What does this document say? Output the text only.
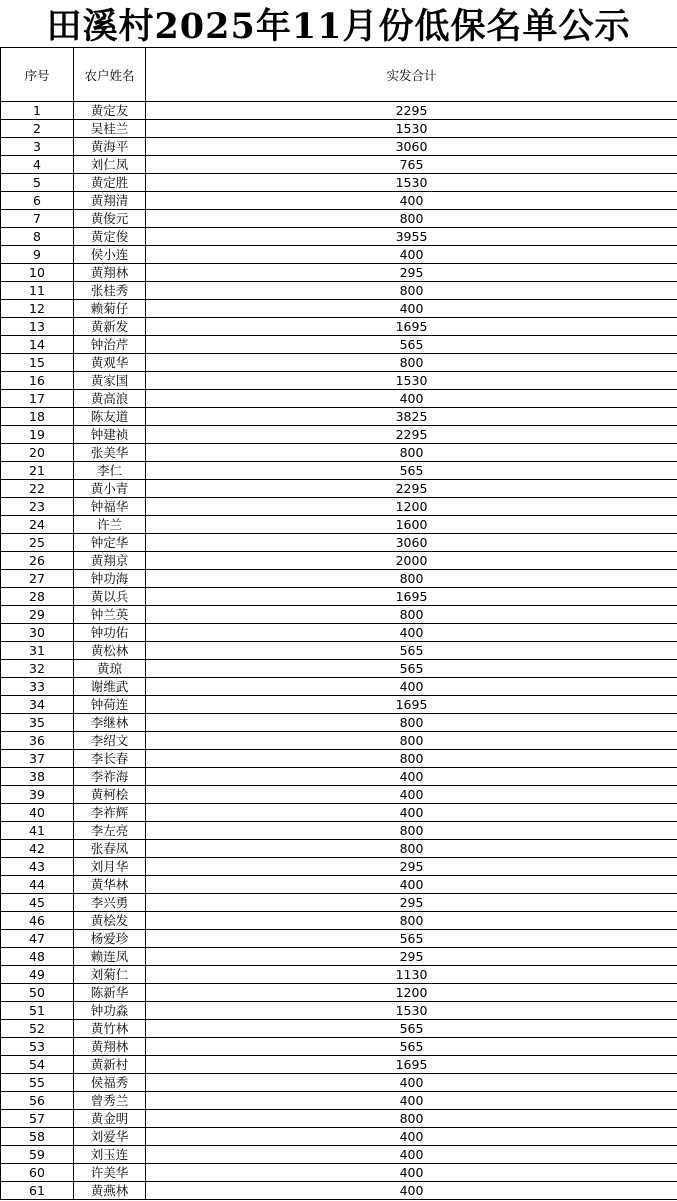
田溪村2025年11月份低保名单公示
序号	农户姓名	实发合计
1	黄定友	2295
2	吴桂兰	1530
3	黄海平	3060
4	刘仁凤	765
5	黄定胜	1530
6	黄翔清	400
7	黄俊元	800
8	黄定俊	3955
9	侯小连	400
10	黄翔林	295
11	张桂秀	800
12	赖菊仔	400
13	黄新发	1695
14	钟治芹	565
15	黄观华	800
16	黄家国	1530
17	黄高浪	400
18	陈友道	3825
19	钟建祯	2295
20	张美华	800
21	李仁	565
22	黄小青	2295
23	钟福华	1200
24	许兰	1600
25	钟定华	3060
26	黄翔京	2000
27	钟功海	800
28	黄以兵	1695
29	钟兰英	800
30	钟功佑	400
31	黄松林	565
32	黄琼	565
33	谢维武	400
34	钟荷连	1695
35	李继林	800
36	李绍文	800
37	李长春	800
38	李祚海	400
39	黄柯桧	400
40	李祚辉	400
41	李左亮	800
42	张春凤	800
43	刘月华	295
44	黄华林	400
45	李兴勇	295
46	黄桧发	800
47	杨爱珍	565
48	赖连凤	295
49	刘菊仁	1130
50	陈新华	1200
51	钟功淼	1530
52	黄竹林	565
53	黄翔林	565
54	黄新村	1695
55	侯福秀	400
56	曾秀兰	400
57	黄金明	800
58	刘爱华	400
59	刘玉连	400
60	许美华	400
61	黄燕林	400
